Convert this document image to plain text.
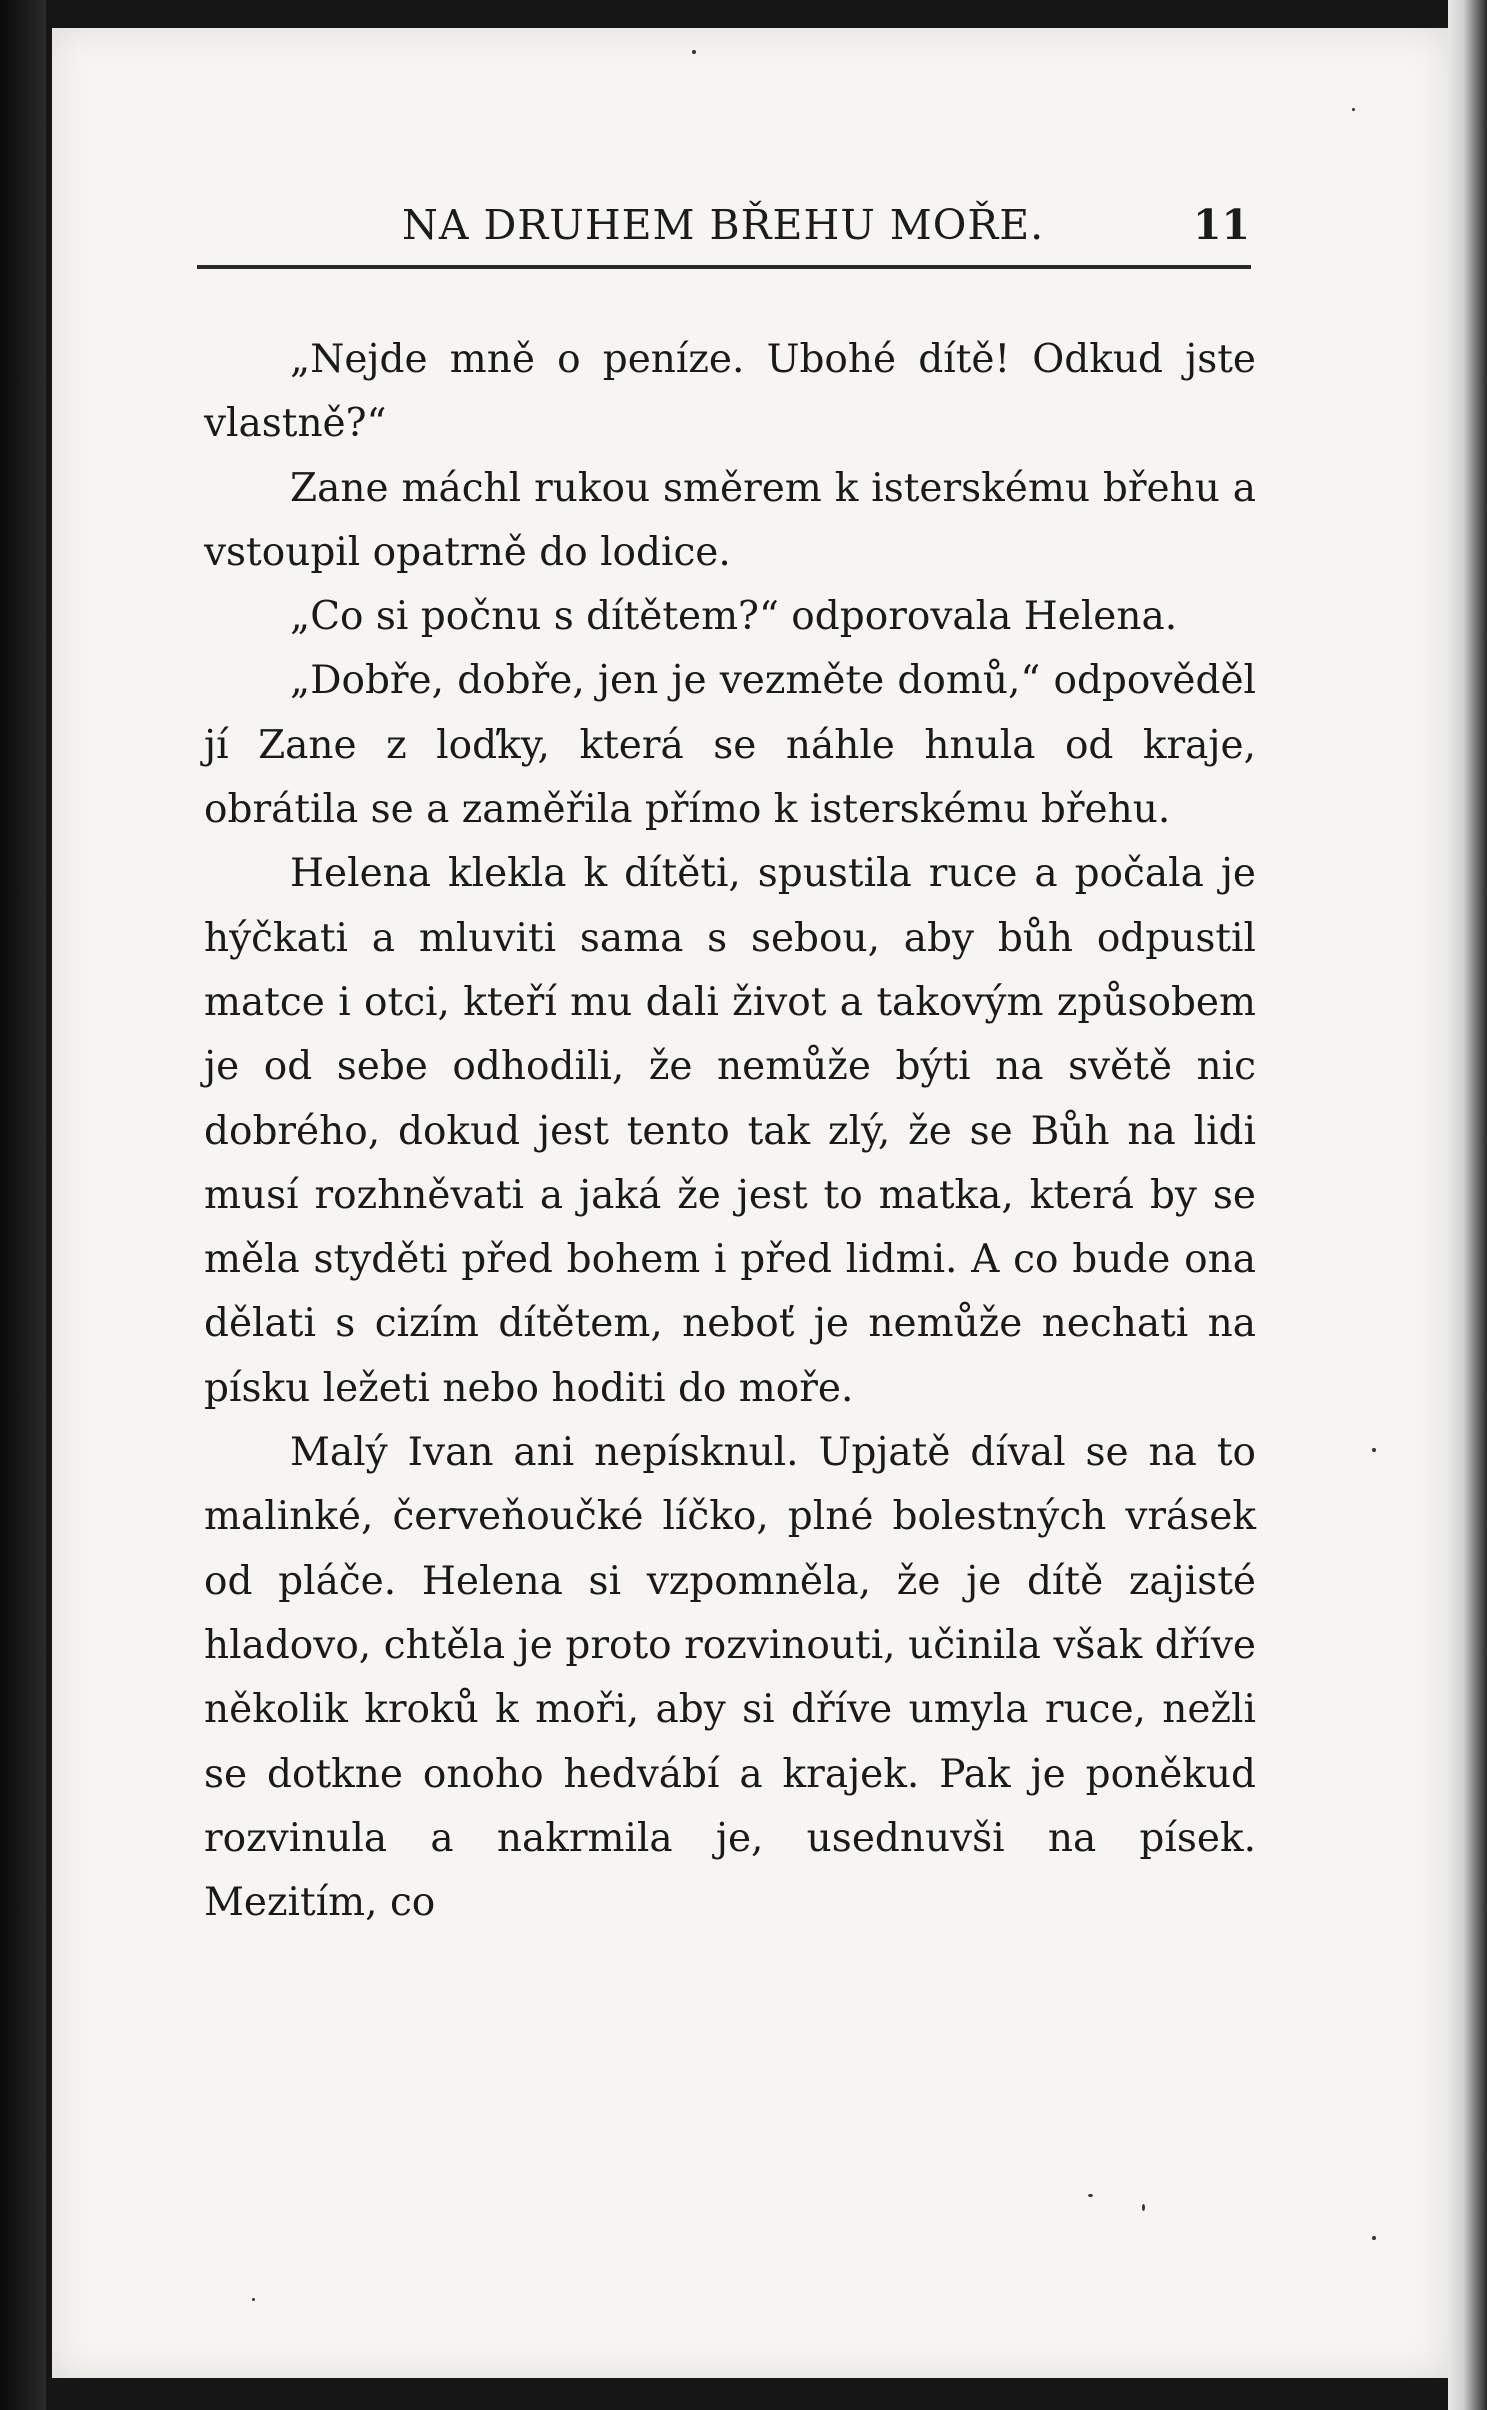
NA DRUHEM BŘEHU MOŘE.	11

„Nejde mně o peníze. Ubohé dítě! Odkud jste vlastně?“

Zane máchl rukou směrem k isterskému břehu a vstoupil opatrně do lodice.

„Co si počnu s dítětem?“ odporovala Helena.

„Dobře, dobře, jen je vezměte domů,“ odpověděl jí Zane z loďky, která se náhle hnula od kraje, obrátila se a zaměřila přímo k isterskému břehu.

Helena klekla k dítěti, spustila ruce a počala je hýčkati a mluviti sama s sebou, aby bůh odpustil matce i otci, kteří mu dali život a takovým způsobem je od sebe odhodili, že nemůže býti na světě nic dobrého, dokud jest tento tak zlý, že se Bůh na lidi musí rozhněvati a jaká že jest to matka, která by se měla styděti před bohem i před lidmi. A co bude ona dělati s cizím dítětem, neboť je nemůže nechati na písku ležeti nebo hoditi do moře.

Malý Ivan ani nepísknul. Upjatě díval se na to malinké, červeňoučké líčko, plné bolestných vrásek od pláče. Helena si vzpomněla, že je dítě zajisté hladovo, chtěla je proto rozvinouti, učinila však dříve několik kroků k moři, aby si dříve umyla ruce, nežli se dotkne onoho hedvábí a krajek. Pak je poněkud rozvinula a nakrmila je, usednuvši na písek. Mezitím, co
